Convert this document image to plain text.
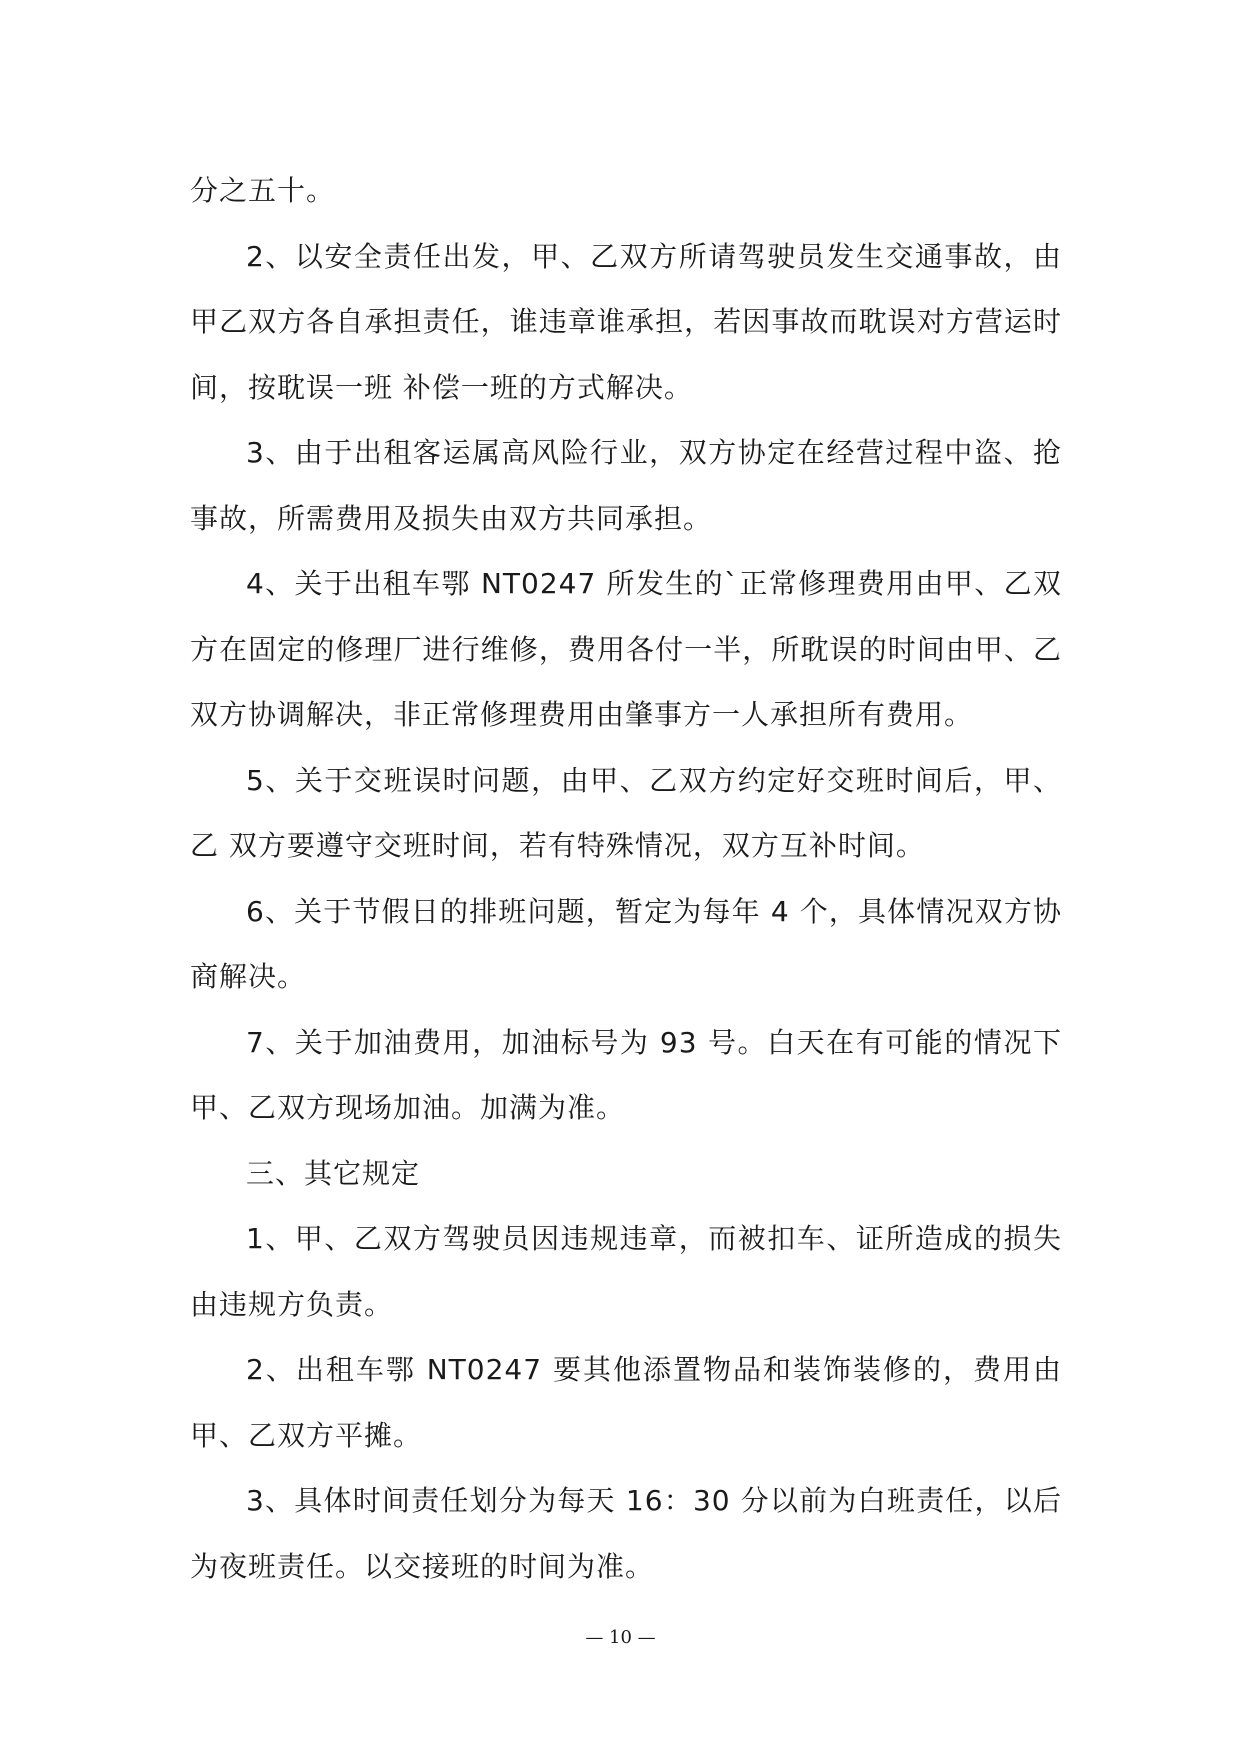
分之五十。

2、以安全责任出发，甲、乙双方所请驾驶员发生交通事故，由甲乙双方各自承担责任，谁违章谁承担，若因事故而耽误对方营运时间，按耽误一班 补偿一班的方式解决。

3、由于出租客运属高风险行业，双方协定在经营过程中盗、抢事故，所需费用及损失由双方共同承担。

4、关于出租车鄂 NT0247 所发生的`正常修理费用由甲、乙双方在固定的修理厂进行维修，费用各付一半，所耽误的时间由甲、乙双方协调解决，非正常修理费用由肇事方一人承担所有费用。

5、关于交班误时问题，由甲、乙双方约定好交班时间后，甲、乙 双方要遵守交班时间，若有特殊情况，双方互补时间。

6、关于节假日的排班问题，暂定为每年 4 个，具体情况双方协商解决。

7、关于加油费用，加油标号为 93 号。白天在有可能的情况下甲、乙双方现场加油。加满为准。

三、其它规定

1、甲、乙双方驾驶员因违规违章，而被扣车、证所造成的损失由违规方负责。

2、出租车鄂 NT0247 要其他添置物品和装饰装修的，费用由甲、乙双方平摊。

3、具体时间责任划分为每天 16：30 分以前为白班责任，以后为夜班责任。以交接班的时间为准。

— 10 —
